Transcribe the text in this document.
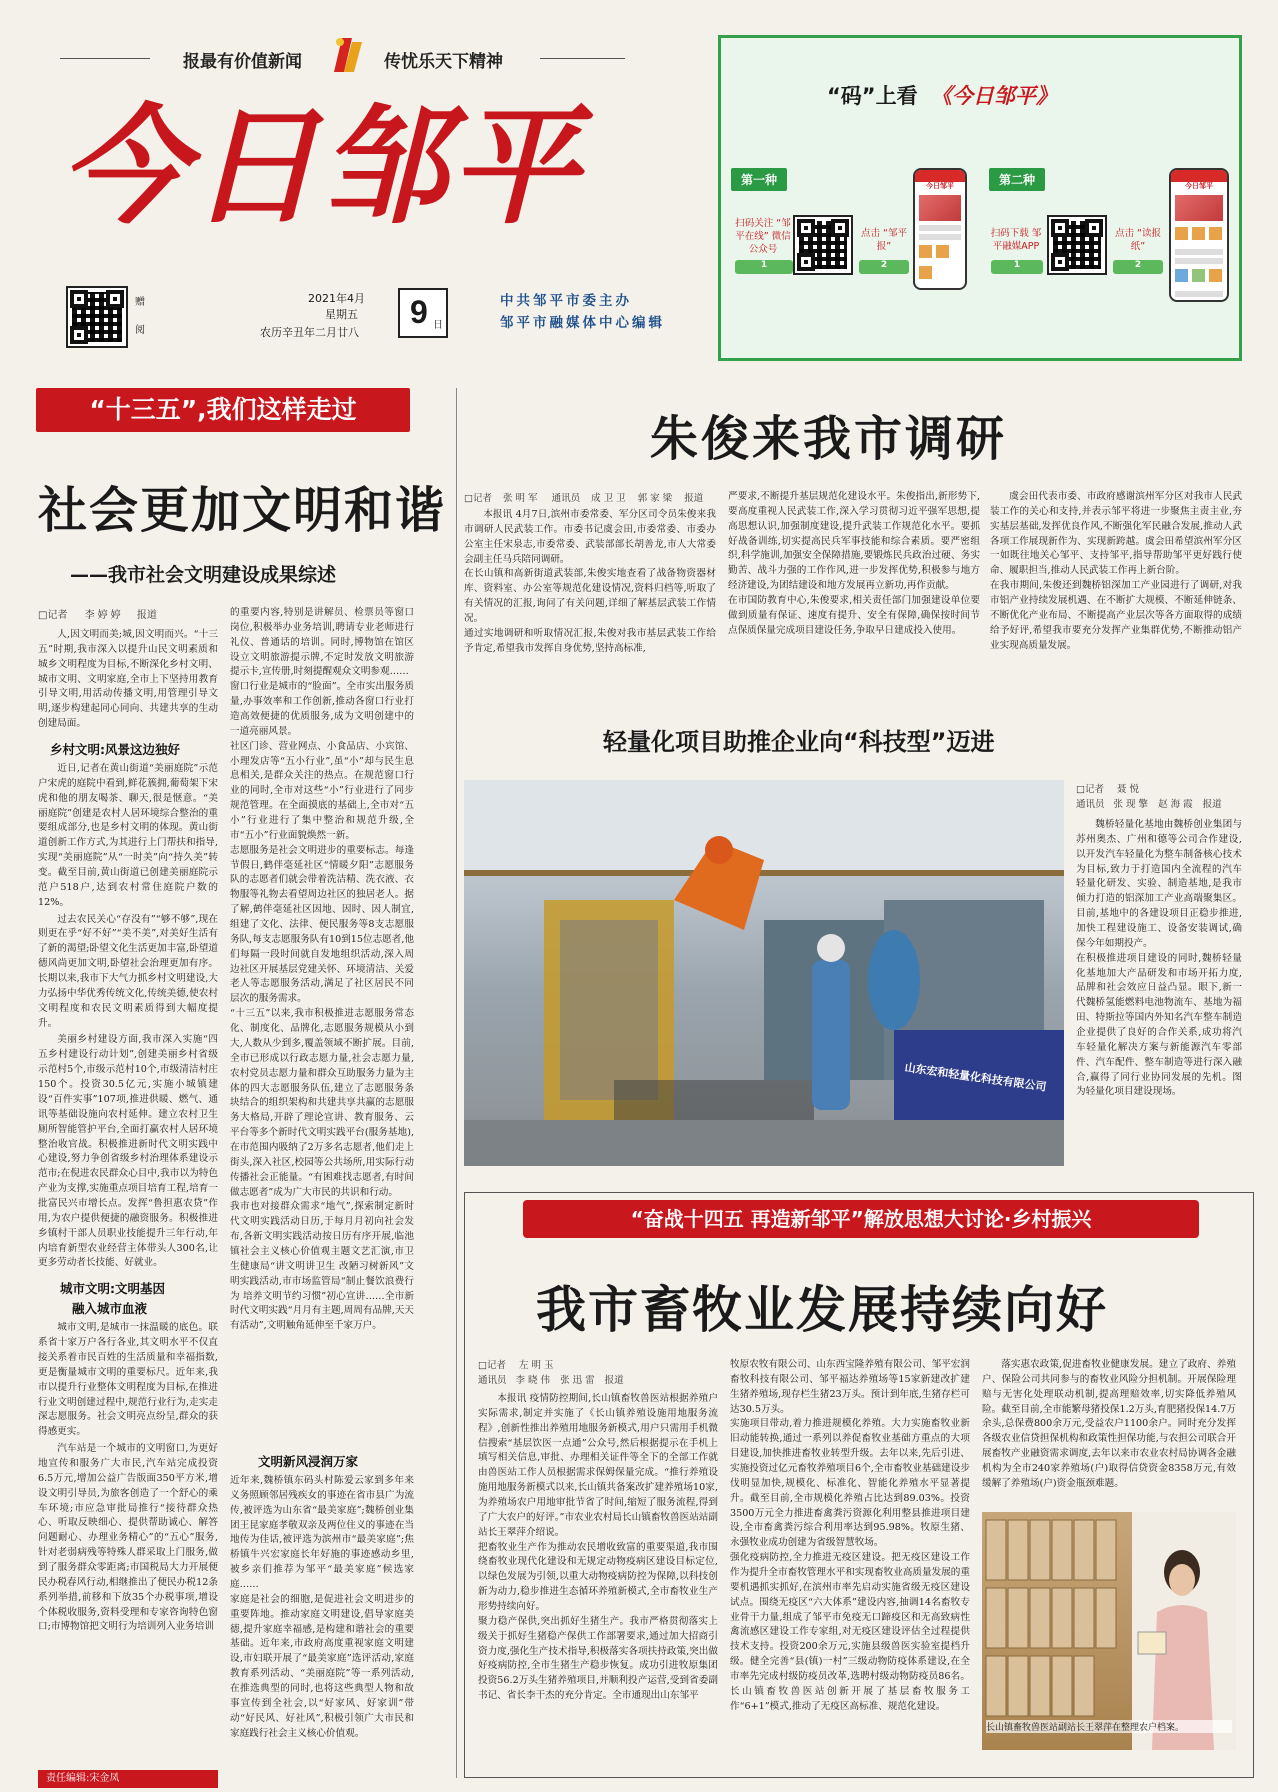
报最有价值新闻	传忧乐天下精神
今日邹平
赠
阅
2021年4月
星期五
农历辛丑年二月廿八
9 日
中共邹平市委主办
邹平市融媒体中心编辑
“码”上看 《今日邹平》
第一种
扫码关注 “邹平在线” 微信公众号
1
点击 “邹平报”
2
今日邹平	第二种
扫码下载 邹平融媒APP
1
点击 “读报纸”
2
今日邹平
“十三五”,我们这样走过
社会更加文明和谐
——我市社会文明建设成果综述
□记者 李婷婷 报道

人,因文明而美;城,因文明而兴。“十三五”时期,我市深入以提升山民文明素质和城乡文明程度为目标,不断深化乡村文明、城市文明、文明家庭,全市上下坚持用教育引导文明,用活动传播文明,用管理引导文明,逐步构建起同心同向、共建共享的生动创建局面。

乡村文明:风景这边独好

近日,记者在黄山街道“美丽庭院”示范户宋虎的庭院中看到,鲜花簇拥,葡萄架下宋虎和他的朋友喝茶、聊天,很是惬意。“美丽庭院”创建是农村人居环境综合整治的重要组成部分,也是乡村文明的体现。黄山街道创新工作方式,为其进行上门帮扶和指导,实现“美丽庭院”从“一时美”向“持久美”转变。截至目前,黄山街道已创建美丽庭院示范户518户,达到农村常住庭院户数的12%。

过去农民关心“存没有”“够不够”,现在则更在乎“好不好”“美不美”,对美好生活有了新的渴望;卧望文化生活更加丰富,卧望道德风尚更加文明,卧望社会治理更加有序。长期以来,我市下大气力抓乡村文明建设,大力弘扬中华优秀传统文化,传统美德,使农村文明程度和农民文明素质得到大幅度提升。

美丽乡村建设方面,我市深入实施“四五乡村建设行动计划”,创建美丽乡村省级示范村5个,市级示范村10个,市级清洁村庄150个。投资30.5亿元,实施小城镇建设“百件实事”107项,推进供暖、燃气、通讯等基础设施向农村延伸。建立农村卫生厕所智能管护平台,全面打赢农村人居环境整治收官战。积极推进新时代文明实践中心建设,努力争创省级乡村治理体系建设示范市;在倪进农民群众心目中,我市以为特色产业为支撑,实施重点项目培育工程,培育一批富民兴市增长点。发挥“鲁担惠农贷”作用,为农户提供便捷的融资服务。积极推进乡镇村干部人员职业技能提升三年行动,年内培育新型农业经营主体带头人300名,让更多劳动者长技能、好就业。

城市文明:文明基因
融入城市血液

城市文明,是城市一抹温暖的底色。联系省十家万户各行各业,其文明水平不仅直接关系着市民百姓的生活质量和幸福指数,更是衡量城市文明的重要标尺。近年来,我市以提升行业整体文明程度为目标,在推进行业文明创建过程中,规范行业行为,走实走深志愿服务。社会文明亮点纷呈,群众的获得感更实。

汽车站是一个城市的文明窗口,为更好地宣传和服务广大市民,汽车站完成投资6.5万元,增加公益广告版面350平方米,增设文明引导员,为旅客创造了一个舒心的乘车环境;市应急审批局推行“接待群众热心、听取反映细心、提供帮助诚心、解答问题耐心、办理业务精心”的“五心”服务,针对老弱病残等特殊人群采取上门服务,做到了服务群众零距离;市国税局大力开展便民办税春风行动,相继推出了便民办税12条系列举措,前移和下放35个办税事项,增设个体税收服务,资料受理和专家咨询特色窗口;市博物馆把文明行为培训列入业务培训

的重要内容,特别是讲解员、检票员等窗口岗位,积极举办业务培训,聘请专业老师进行礼仪、普通话的培训。同时,博物馆在馆区设立文明旅游提示牌,不定时发放文明旅游提示卡,宣传册,时刻提醒观众文明参观……
窗口行业是城市的“脸面”。全市实出服务质量,办事效率和工作创新,推动各窗口行业打造高效便捷的优质服务,成为文明创建中的一道亮丽风景。
社区门诊、营业网点、小食品店、小宾馆、小理发店等“五小行业”,虽“小”却与民生息息相关,是群众关注的热点。在规范窗口行业的同时,全市对这些“小”行业进行了同步规范管理。在全面摸底的基础上,全市对“五小”行业进行了集中整治和规范升级,全市“五小”行业面貌焕然一新。
志愿服务是社会文明进步的重要标志。每逢节假日,鹤伴毫延社区“情暖夕阳”志愿服务队的志愿者们就会带着洗洁精、洗衣液、衣物服等礼物去看望周边社区的独居老人。据了解,鹤伴毫延社区因地、因时、因人制宜,组建了文化、法律、便民服务等8支志愿服务队,每支志愿服务队有10到15位志愿者,他们每隔一段时间就自发地组织活动,深入周边社区开展基层党建关怀、环境清洁、关爱老人等志愿服务活动,满足了社区居民不同层次的服务需求。
“十三五”以来,我市积极推进志愿服务常态化、制度化、品牌化,志愿服务规模从小到大,人数从少到多,覆盖领域不断扩展。目前,全市已形成以行政志愿力量,社会志愿力量,农村党员志愿力量和群众互助服务力量为主体的四大志愿服务队伍,建立了志愿服务条块结合的组织架构和共建共享共赢的志愿服务大格局,开辟了理论宣讲、教育服务、云平台等多个新时代文明实践平台(服务基地),在市范围内吸纳了2万多名志愿者,他们走上街头,深入社区,校园等公共场所,用实际行动传播社会正能量。“有困难找志愿者,有时间做志愿者”成为广大市民的共识和行动。
我市也对接群众需求“地气”,探索制定新时代文明实践活动日历,于每月月初向社会发布,各新文明实践活动按日历有序开展,临池镇社会主义核心价值观主题文艺汇演,市卫生健康局“讲文明讲卫生 改陋习树新风”文明实践活动,市市场监管局“制止餐饮浪费行为 培养文明节约习惯”初心宣讲……全市新时代文明实践“月月有主题,周周有品牌,天天有活动”,文明触角延伸至千家万户。

文明新风浸润万家

近年来,魏桥镇东码头村陈爱云家到多年来义务照顾邻居残疾女的事迹在省市县广为流传,被评选为山东省“最美家庭”;魏桥创业集团王昆家庭孝敬双亲及两位住义的事迹在当地传为佳话,被评选为滨州市“最美家庭”;焦桥镇牛兴宏家庭长年好施的事迹感动乡里,被乡亲们推荐为邹平“最美家庭”候选家庭……
家庭是社会的细胞,是促进社会文明进步的重要阵地。推动家庭文明建设,倡导家庭美德,提升家庭幸福感,是构建和谐社会的重要基础。近年来,市政府高度重视家庭文明建设,市妇联开展了“最美家庭”选评活动,家庭教育系列活动、“美丽庭院”等一系列活动,在推选典型的同时,也将这些典型人物和故事宣传到全社会,以“好家风、好家训”带动“好民风、好社风”,积极引领广大市民和家庭践行社会主义核心价值观。

责任编辑:宋金凤
朱俊来我市调研
□记者 张明军 通讯员 成卫卫 郭家梁 报道

本报讯 4月7日,滨州市委常委、军分区司令员朱俊来我市调研人民武装工作。市委书记虞会田,市委常委、市委办公室主任宋泉志,市委常委、武装部部长胡善龙,市人大常委会副主任马兵陪同调研。
在长山镇和高新街道武装部,朱俊实地查看了战备物资器材库、资料室、办公室等规范化建设情况,资料归档等,听取了有关情况的汇报,询问了有关问题,详细了解基层武装工作情况。
通过实地调研和听取情况汇报,朱俊对我市基层武装工作给予肯定,希望我市发挥自身优势,坚持高标准,

严要求,不断提升基层规范化建设水平。朱俊指出,新形势下,要高度重视人民武装工作,深入学习贯彻习近平强军思想,提高思想认识,加强制度建设,提升武装工作规范化水平。要抓好战备训练,切实提高民兵军事技能和综合素质。要严密组织,科学施训,加强安全保障措施,要锻炼民兵政治过硬、务实勤苦、战斗力强的工作作风,进一步发挥优势,积极参与地方经济建设,为团结建设和地方发展再立新功,再作贡献。
在市国防教育中心,朱俊要求,相关责任部门加强建设单位要做到质量有保证、速度有提升、安全有保障,确保按时间节点保质保量完成项目建设任务,争取早日建成投入使用。

虞会田代表市委、市政府感谢滨州军分区对我市人民武装工作的关心和支持,并表示邹平将进一步聚焦主责主业,夯实基层基础,发挥优良作风,不断强化军民融合发展,推动人武各项工作展现新作为、实现新跨越。虞会田希望滨州军分区一如既往地关心邹平、支持邹平,指导帮助邹平更好践行使命、履职担当,推动人民武装工作再上新台阶。
在我市期间,朱俊还到魏桥铝深加工产业园进行了调研,对我市铝产业持续发展机遇、在不断扩大规模、不断延伸链条、不断优化产业布局、不断提高产业层次等各方面取得的成绩给予好评,希望我市要充分发挥产业集群优势,不断推动铝产业实现高质量发展。

轻量化项目助推企业向“科技型”迈进
山东宏和轻量化科技有限公司
□记者 聂悦
通讯员 张现擎 赵海霞 报道

魏桥轻量化基地由魏桥创业集团与苏州奥杰、广州和德等公司合作建设,以开发汽车轻量化为整车制备核心技术为目标,致力于打造国内全流程的汽车轻量化研发、实验、制造基地,是我市倾力打造的铝深加工产业高端聚集区。目前,基地中的各建设项目正稳步推进,加快工程建设施工、设备安装调试,确保今年如期投产。
在积极推进项目建设的同时,魏桥轻量化基地加大产品研发和市场开拓力度,品牌和社会效应日益凸显。眼下,新一代魏桥氢能燃料电池物流车、基地为福田、特斯拉等国内外知名汽车整车制造企业提供了良好的合作关系,成功将汽车轻量化解决方案与新能源汽车零部件、汽车配件、整车制造等进行深入融合,赢得了同行业协同发展的先机。图为轻量化项目建设现场。

“奋战十四五 再造新邹平”解放思想大讨论·乡村振兴
我市畜牧业发展持续向好
□记者 左明玉
通讯员 李晓伟 张迅雷 报道

本报讯 疫情防控期间,长山镇畜牧兽医站根据养殖户实际需求,制定并实施了《长山镇养殖设施用地服务流程》,创新性推出养殖用地服务新模式,用户只需用手机微信搜索“基层饮医一点通”公众号,然后根据提示在手机上填写相关信息,审批、办理相关证件等全下的全部工作就由兽医站工作人员根据需求保姆保量完成。“推行养殖设施用地服务新模式以来,长山镇共备案改扩建养殖场10家,为养殖场农户用地审批节省了时间,缩短了服务流程,得到了广大农户的好评。”市农业农村局长山镇畜牧兽医站站副站长王翠萍介绍说。
把畜牧业生产作为推动农民增收致富的重要渠道,我市围绕畜牧业现代化建设和无规定动物疫病区建设目标定位,以绿色发展为引领,以重大动物疫病防控为保障,以科技创新为动力,稳步推进生态循环养殖新模式,全市畜牧业生产形势持续向好。
聚力稳产保供,突出抓好生猪生产。我市严格贯彻落实上级关于抓好生猪稳产保供工作部署要求,通过加大招商引资力度,强化生产技术指导,积极落实各项扶持政策,突出做好疫病防控,全市生猪生产稳步恢复。成功引进牧原集团投资56.2万头生猪养殖项目,并顺利投产运营,受到省委副书记、省长李干杰的充分肯定。全市通现出山东邹平

牧原农牧有限公司、山东西宝隆养殖有限公司、邹平宏润畜牧科技有限公司、邹平福达养殖场等15家新建改扩建生猪养殖场,现存栏生猪23万头。预计到年底,生猪存栏可达30.5万头。
实施项目带动,着力推进规模化养殖。大力实施畜牧业新旧动能转换,通过一系列以养促畜牧业基础方重点的大项目建设,加快推进畜牧业转型升级。去年以来,先后引进、实施投资过亿元畜牧养殖项目6个,全市畜牧业基础建设步伐明显加快,规模化、标准化、智能化养殖水平显著提升。截至目前,全市规模化养殖占比达到89.03%。投资3500万元全力推进畜禽粪污资源化利用整县推进项目建设,全市畜禽粪污综合利用率达到95.98%。牧原生猪、永强牧业成功创建为省级智慧牧场。
强化疫病防控,全力推进无疫区建设。把无疫区建设工作作为提升全市畜牧管理水平和实现畜牧业高质量发展的重要机遇抓实抓好,在滨州市率先启动实施省级无疫区建设试点。围绕无疫区“六大体系”建设内容,抽调14名畜牧专业骨干力量,组成了邹平市免疫无口蹄疫区和无高致病性禽流感区建设工作专家组,对无疫区建设评估全过程提供技术支持。投资200余万元,实施县级兽医实验室提档升级。健全完善“县(镇)一村”三级动物防疫体系建设,在全市率先完成村级防疫员改革,选聘村级动物防疫员86名。长山镇畜牧兽医站创新开展了基层畜牧服务工作“6+1”模式,推动了无疫区高标准、规范化建设。

落实惠农政策,促进畜牧业健康发展。建立了政府、养殖户、保险公司共同参与的畜牧业风险分担机制。开展保险理赔与无害化处理联动机制,提高理赔效率,切实降低养殖风险。截至目前,全市能繁母猪投保1.2万头,育肥猪投保14.7万余头,总保费800余万元,受益农户1100余户。同时充分发挥各级农业信贷担保机构和政策性担保功能,与农担公司联合开展畜牧产业融资需求调度,去年以来市农业农村局协调各金融机构为全市240家养殖场(户)取得信贷资金8358万元,有效缓解了养殖场(户)资金瓶颈难题。

长山镇畜牧兽医站副站长王翠萍在整理农户档案。
